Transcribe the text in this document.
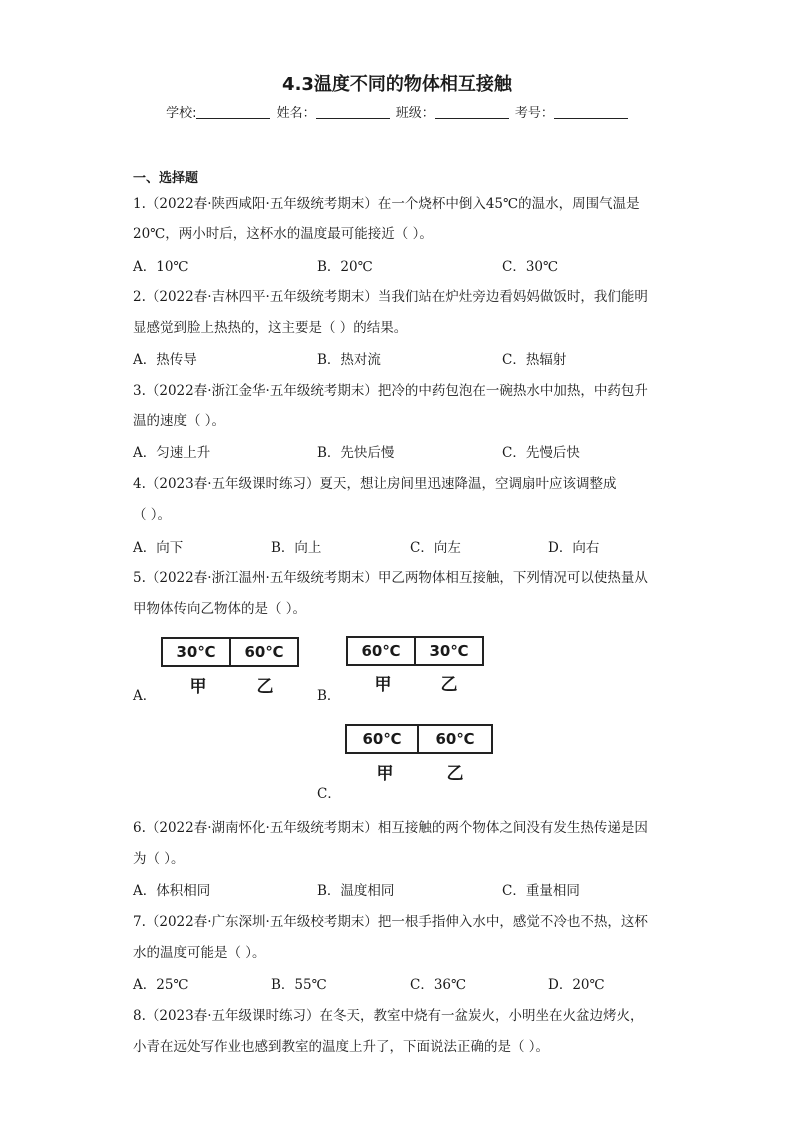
4.3温度不同的物体相互接触
学校:	姓名：	班级：	考号：
一、选择题
1.（2022春·陕西咸阳·五年级统考期末）在一个烧杯中倒入45℃的温水，周围气温是
20℃，两小时后，这杯水的温度最可能接近（ ）。
A．10℃	B．20℃	C．30℃
2.（2022春·吉林四平·五年级统考期末）当我们站在炉灶旁边看妈妈做饭时，我们能明
显感觉到脸上热热的，这主要是（ ）的结果。
A．热传导	B．热对流	C．热辐射
3.（2022春·浙江金华·五年级统考期末）把冷的中药包泡在一碗热水中加热，中药包升
温的速度（ ）。
A．匀速上升	B．先快后慢	C．先慢后快
4.（2023春·五年级课时练习）夏天，想让房间里迅速降温，空调扇叶应该调整成
（ ）。
A．向下	B．向上	C．向左	D．向右
5.（2022春·浙江温州·五年级统考期末）甲乙两物体相互接触，下列情况可以使热量从
甲物体传向乙物体的是（ ）。
A．
30℃	60℃
甲	乙	B．
60℃	30℃
甲	乙
C．
60℃	60℃
甲	乙
6.（2022春·湖南怀化·五年级统考期末）相互接触的两个物体之间没有发生热传递是因
为（ ）。
A．体积相同	B．温度相同	C．重量相同
7.（2022春·广东深圳·五年级校考期末）把一根手指伸入水中，感觉不冷也不热，这杯
水的温度可能是（ ）。
A．25℃	B．55℃	C．36℃	D．20℃
8.（2023春·五年级课时练习）在冬天，教室中烧有一盆炭火，小明坐在火盆边烤火，
小青在远处写作业也感到教室的温度上升了，下面说法正确的是（ ）。
